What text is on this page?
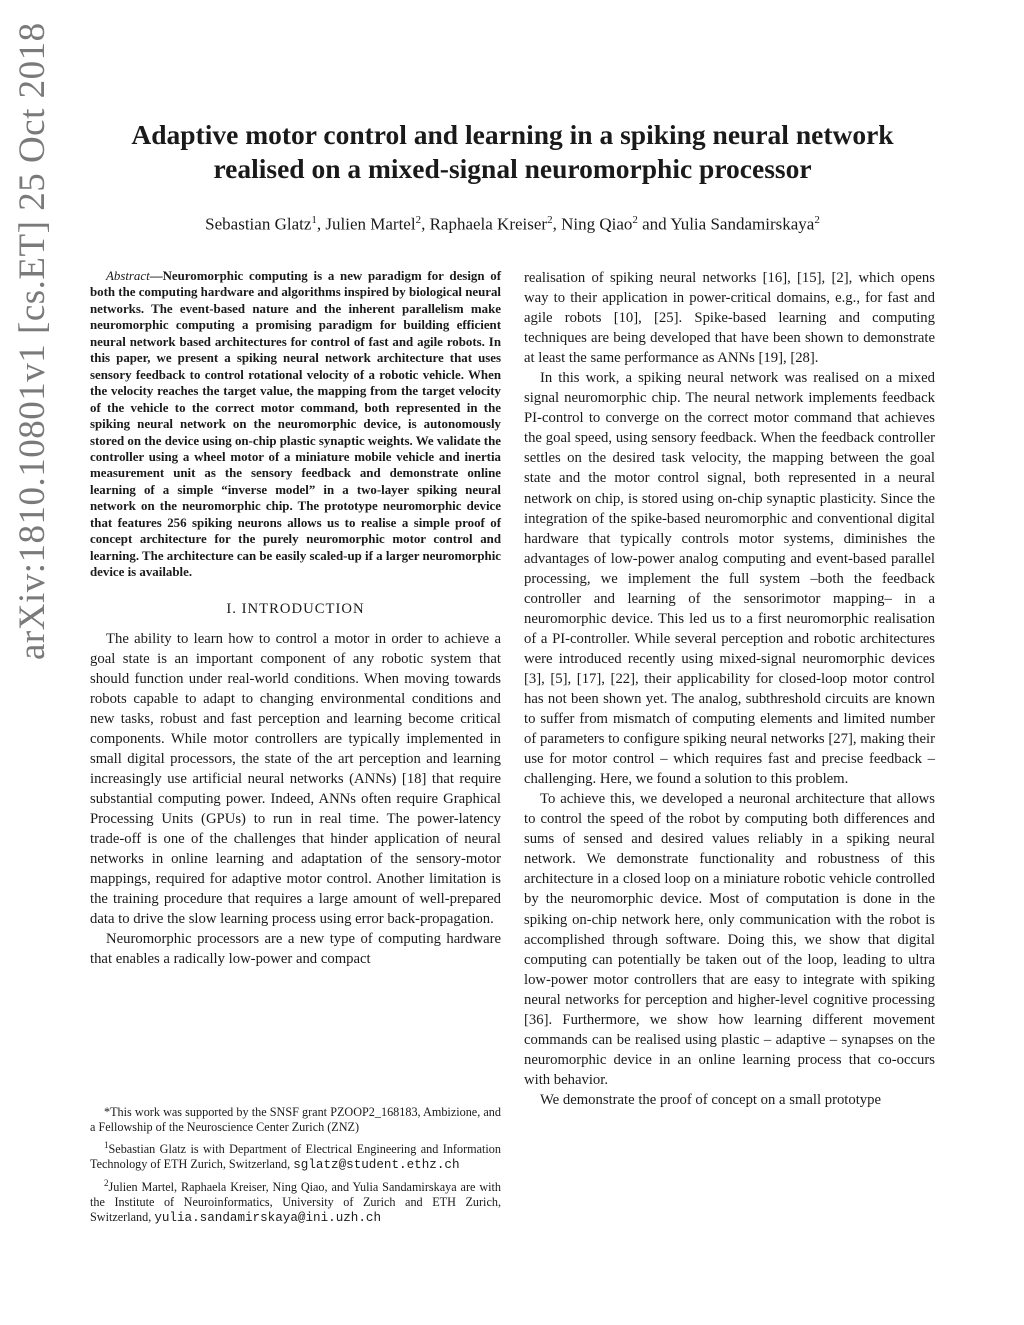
arXiv:1810.10801v1 [cs.ET] 25 Oct 2018	Adaptive motor control and learning in a spiking neural network realised on a mixed-signal neuromorphic processor
Sebastian Glatz$^1$, Julien Martel$^2$, Raphaela Kreiser$^2$, Ning Qiao$^2$ and Yulia Sandamirskaya$^2$

Abstract—Neuromorphic computing is a new paradigm for design of both the computing hardware and algorithms inspired by biological neural networks. The event-based nature and the inherent parallelism make neuromorphic computing a promising paradigm for building efficient neural network based architectures for control of fast and agile robots. In this paper, we present a spiking neural network architecture that uses sensory feedback to control rotational velocity of a robotic vehicle. When the velocity reaches the target value, the mapping from the target velocity of the vehicle to the correct motor command, both represented in the spiking neural network on the neuromorphic device, is autonomously stored on the device using on-chip plastic synaptic weights. We validate the controller using a wheel motor of a miniature mobile vehicle and inertia measurement unit as the sensory feedback and demonstrate online learning of a simple “inverse model” in a two-layer spiking neural network on the neuromorphic chip. The prototype neuromorphic device that features 256 spiking neurons allows us to realise a simple proof of concept architecture for the purely neuromorphic motor control and learning. The architecture can be easily scaled-up if a larger neuromorphic device is available.

I. INTRODUCTION

The ability to learn how to control a motor in order to achieve a goal state is an important component of any robotic system that should function under real-world conditions. When moving towards robots capable to adapt to changing environmental conditions and new tasks, robust and fast perception and learning become critical components. While motor controllers are typically implemented in small digital processors, the state of the art perception and learning increasingly use artificial neural networks (ANNs) [18] that require substantial computing power. Indeed, ANNs often require Graphical Processing Units (GPUs) to run in real time. The power-latency trade-off is one of the challenges that hinder application of neural networks in online learning and adaptation of the sensory-motor mappings, required for adaptive motor control. Another limitation is the training procedure that requires a large amount of well-prepared data to drive the slow learning process using error back-propagation.

Neuromorphic processors are a new type of computing hardware that enables a radically low-power and compact

*This work was supported by the SNSF grant PZOOP2_168183, Ambizione, and a Fellowship of the Neuroscience Center Zurich (ZNZ)

$^1$Sebastian Glatz is with Department of Electrical Engineering and Information Technology of ETH Zurich, Switzerland, sglatz@student.ethz.ch

$^2$Julien Martel, Raphaela Kreiser, Ning Qiao, and Yulia Sandamirskaya are with the Institute of Neuroinformatics, University of Zurich and ETH Zurich, Switzerland, yulia.sandamirskaya@ini.uzh.ch

realisation of spiking neural networks [16], [15], [2], which opens way to their application in power-critical domains, e.g., for fast and agile robots [10], [25]. Spike-based learning and computing techniques are being developed that have been shown to demonstrate at least the same performance as ANNs [19], [28].

In this work, a spiking neural network was realised on a mixed signal neuromorphic chip. The neural network implements feedback PI-control to converge on the correct motor command that achieves the goal speed, using sensory feedback. When the feedback controller settles on the desired task velocity, the mapping between the goal state and the motor control signal, both represented in a neural network on chip, is stored using on-chip synaptic plasticity. Since the integration of the spike-based neuromorphic and conventional digital hardware that typically controls motor systems, diminishes the advantages of low-power analog computing and event-based parallel processing, we implement the full system –both the feedback controller and learning of the sensorimotor mapping– in a neuromorphic device. This led us to a first neuromorphic realisation of a PI-controller. While several perception and robotic architectures were introduced recently using mixed-signal neuromorphic devices [3], [5], [17], [22], their applicability for closed-loop motor control has not been shown yet. The analog, subthreshold circuits are known to suffer from mismatch of computing elements and limited number of parameters to configure spiking neural networks [27], making their use for motor control – which requires fast and precise feedback – challenging. Here, we found a solution to this problem.

To achieve this, we developed a neuronal architecture that allows to control the speed of the robot by computing both differences and sums of sensed and desired values reliably in a spiking neural network. We demonstrate functionality and robustness of this architecture in a closed loop on a miniature robotic vehicle controlled by the neuromorphic device. Most of computation is done in the spiking on-chip network here, only communication with the robot is accomplished through software. Doing this, we show that digital computing can potentially be taken out of the loop, leading to ultra low-power motor controllers that are easy to integrate with spiking neural networks for perception and higher-level cognitive processing [36]. Furthermore, we show how learning different movement commands can be realised using plastic – adaptive – synapses on the neuromorphic device in an online learning process that co-occurs with behavior.

We demonstrate the proof of concept on a small prototype
